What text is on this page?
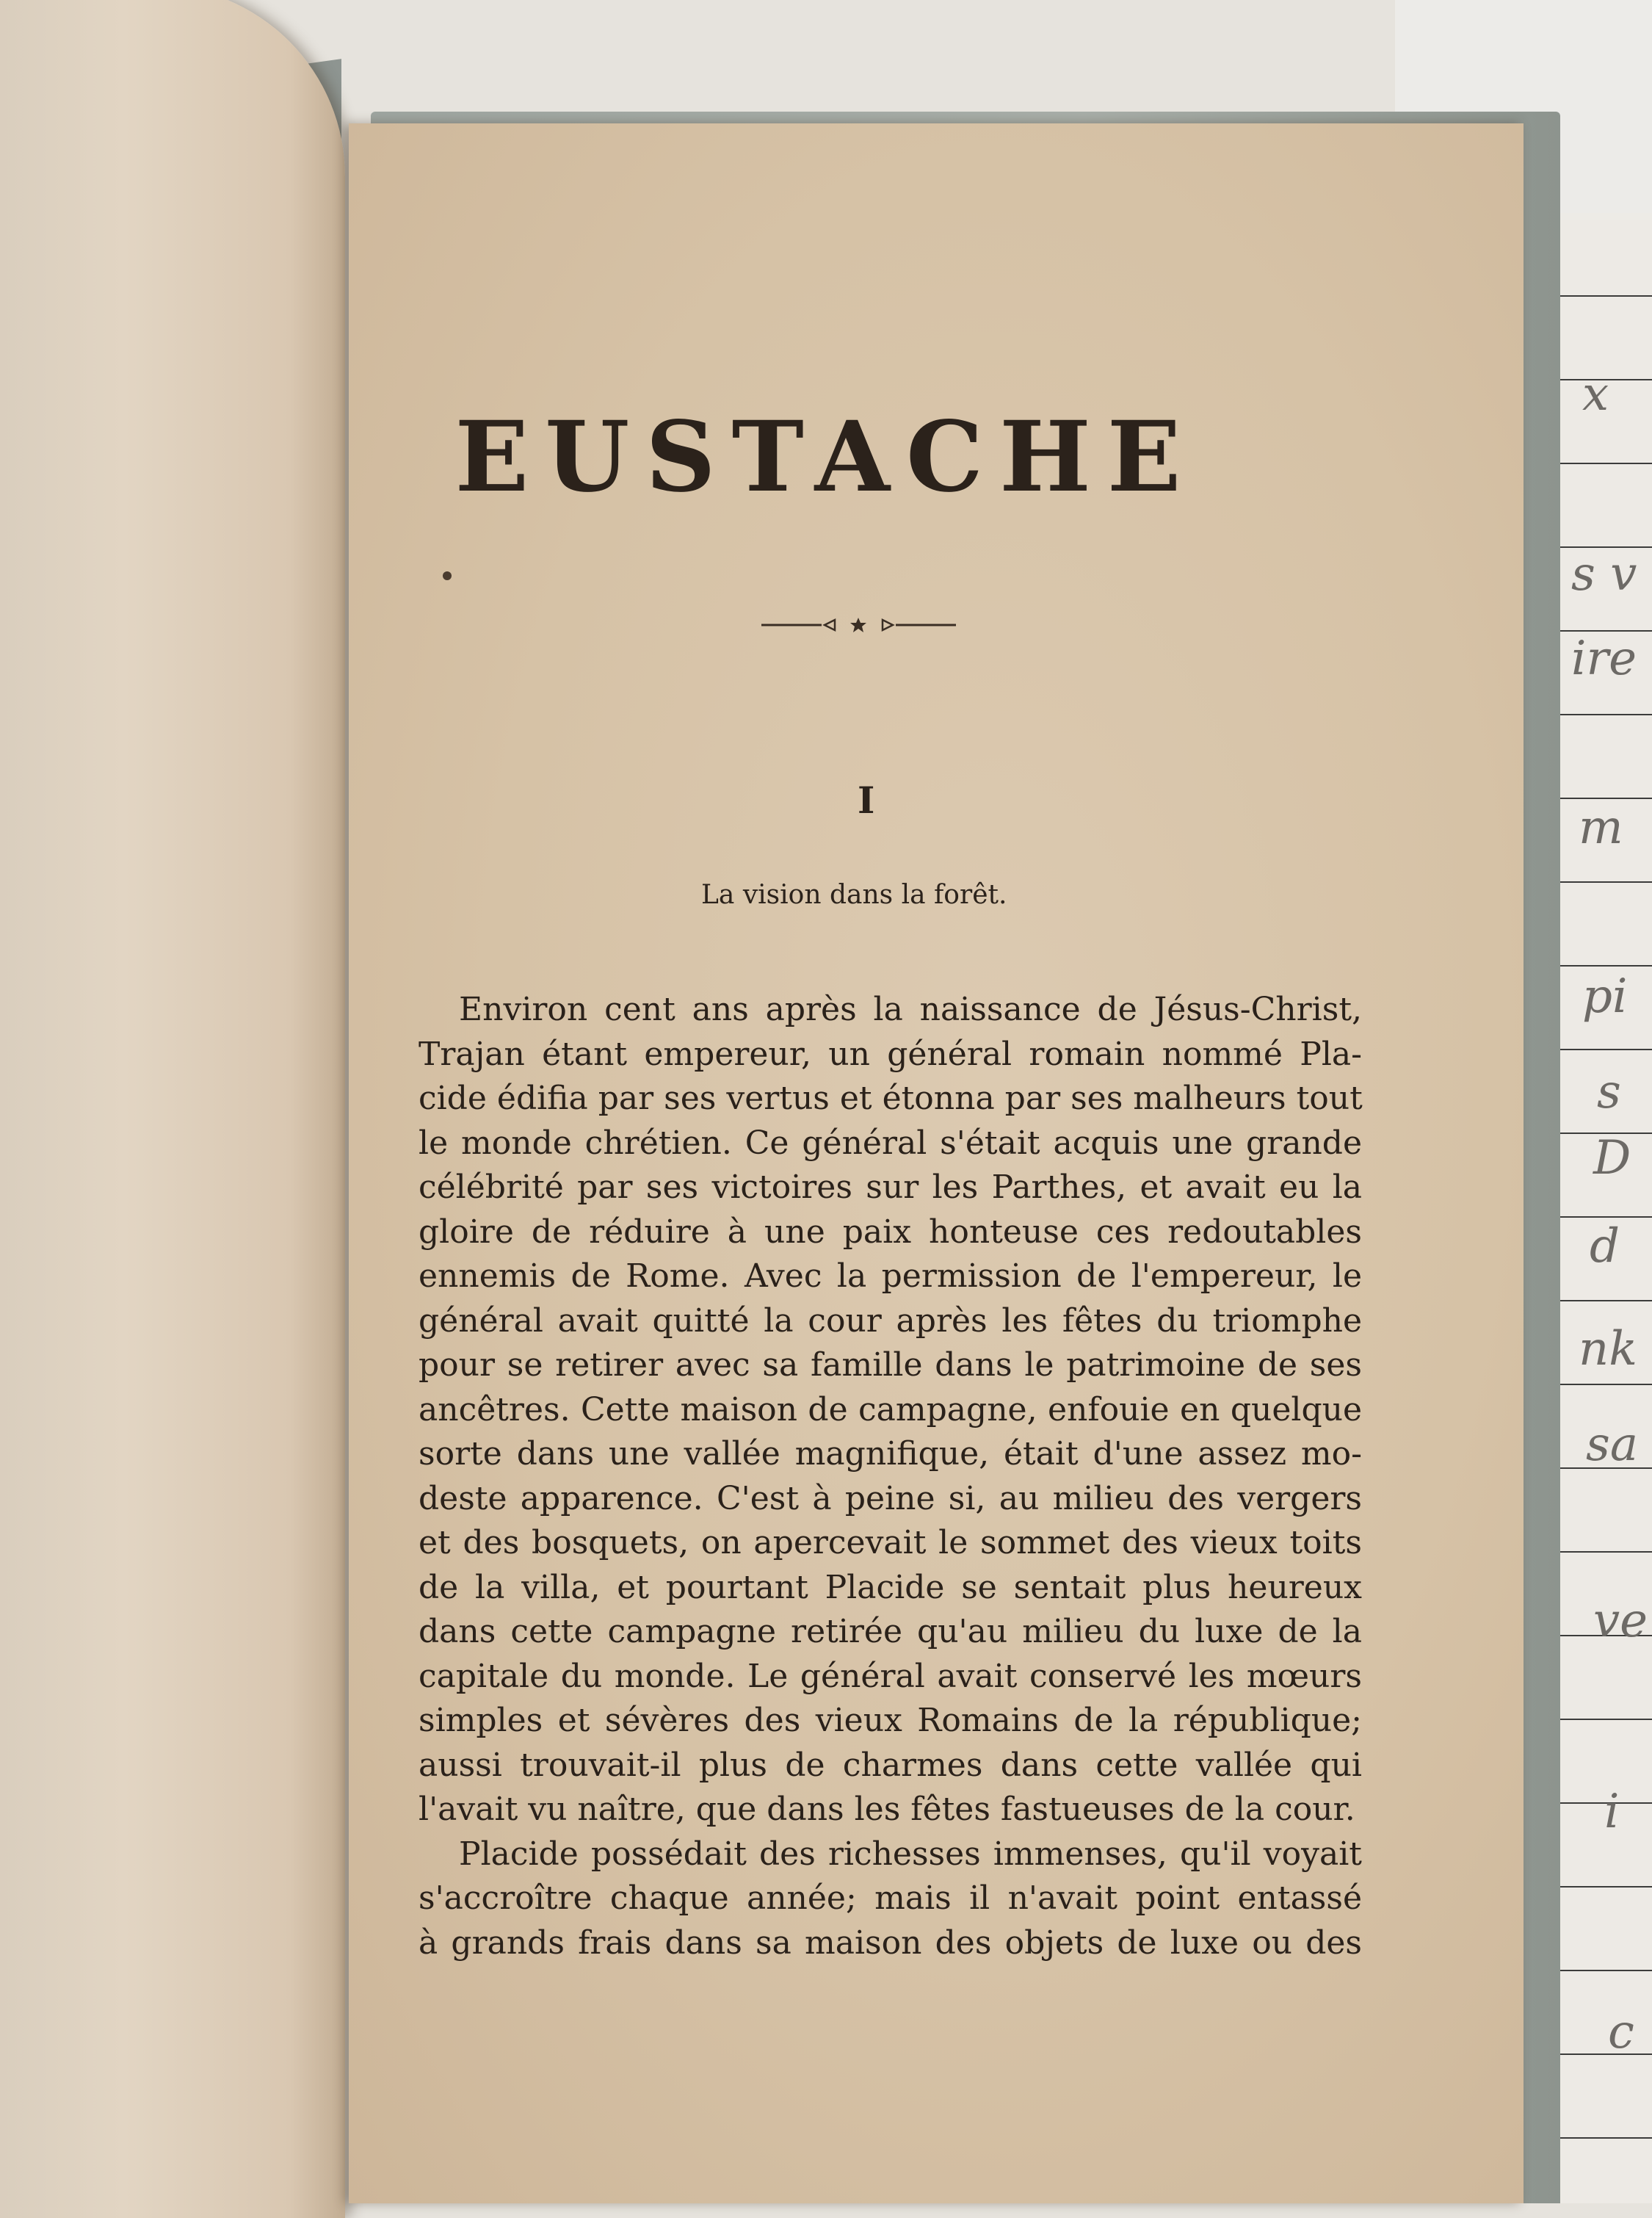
x
s v
ire
m
pi
s
D
d
nk
sa
ve
i
c
EUSTACHE
I
La vision dans la forêt.
Environ cent ans après la naissance de Jésus-Christ,
Trajan étant empereur, un général romain nommé Pla-
cide édifia par ses vertus et étonna par ses malheurs tout
le monde chrétien. Ce général s'était acquis une grande
célébrité par ses victoires sur les Parthes, et avait eu la
gloire de réduire à une paix honteuse ces redoutables
ennemis de Rome. Avec la permission de l'empereur, le
général avait quitté la cour après les fêtes du triomphe
pour se retirer avec sa famille dans le patrimoine de ses
ancêtres. Cette maison de campagne, enfouie en quelque
sorte dans une vallée magnifique, était d'une assez mo-
deste apparence. C'est à peine si, au milieu des vergers
et des bosquets, on apercevait le sommet des vieux toits
de la villa, et pourtant Placide se sentait plus heureux
dans cette campagne retirée qu'au milieu du luxe de la
capitale du monde. Le général avait conservé les mœurs
simples et sévères des vieux Romains de la république;
aussi trouvait-il plus de charmes dans cette vallée qui
l'avait vu naître, que dans les fêtes fastueuses de la cour.
Placide possédait des richesses immenses, qu'il voyait
s'accroître chaque année; mais il n'avait point entassé
à grands frais dans sa maison des objets de luxe ou des
